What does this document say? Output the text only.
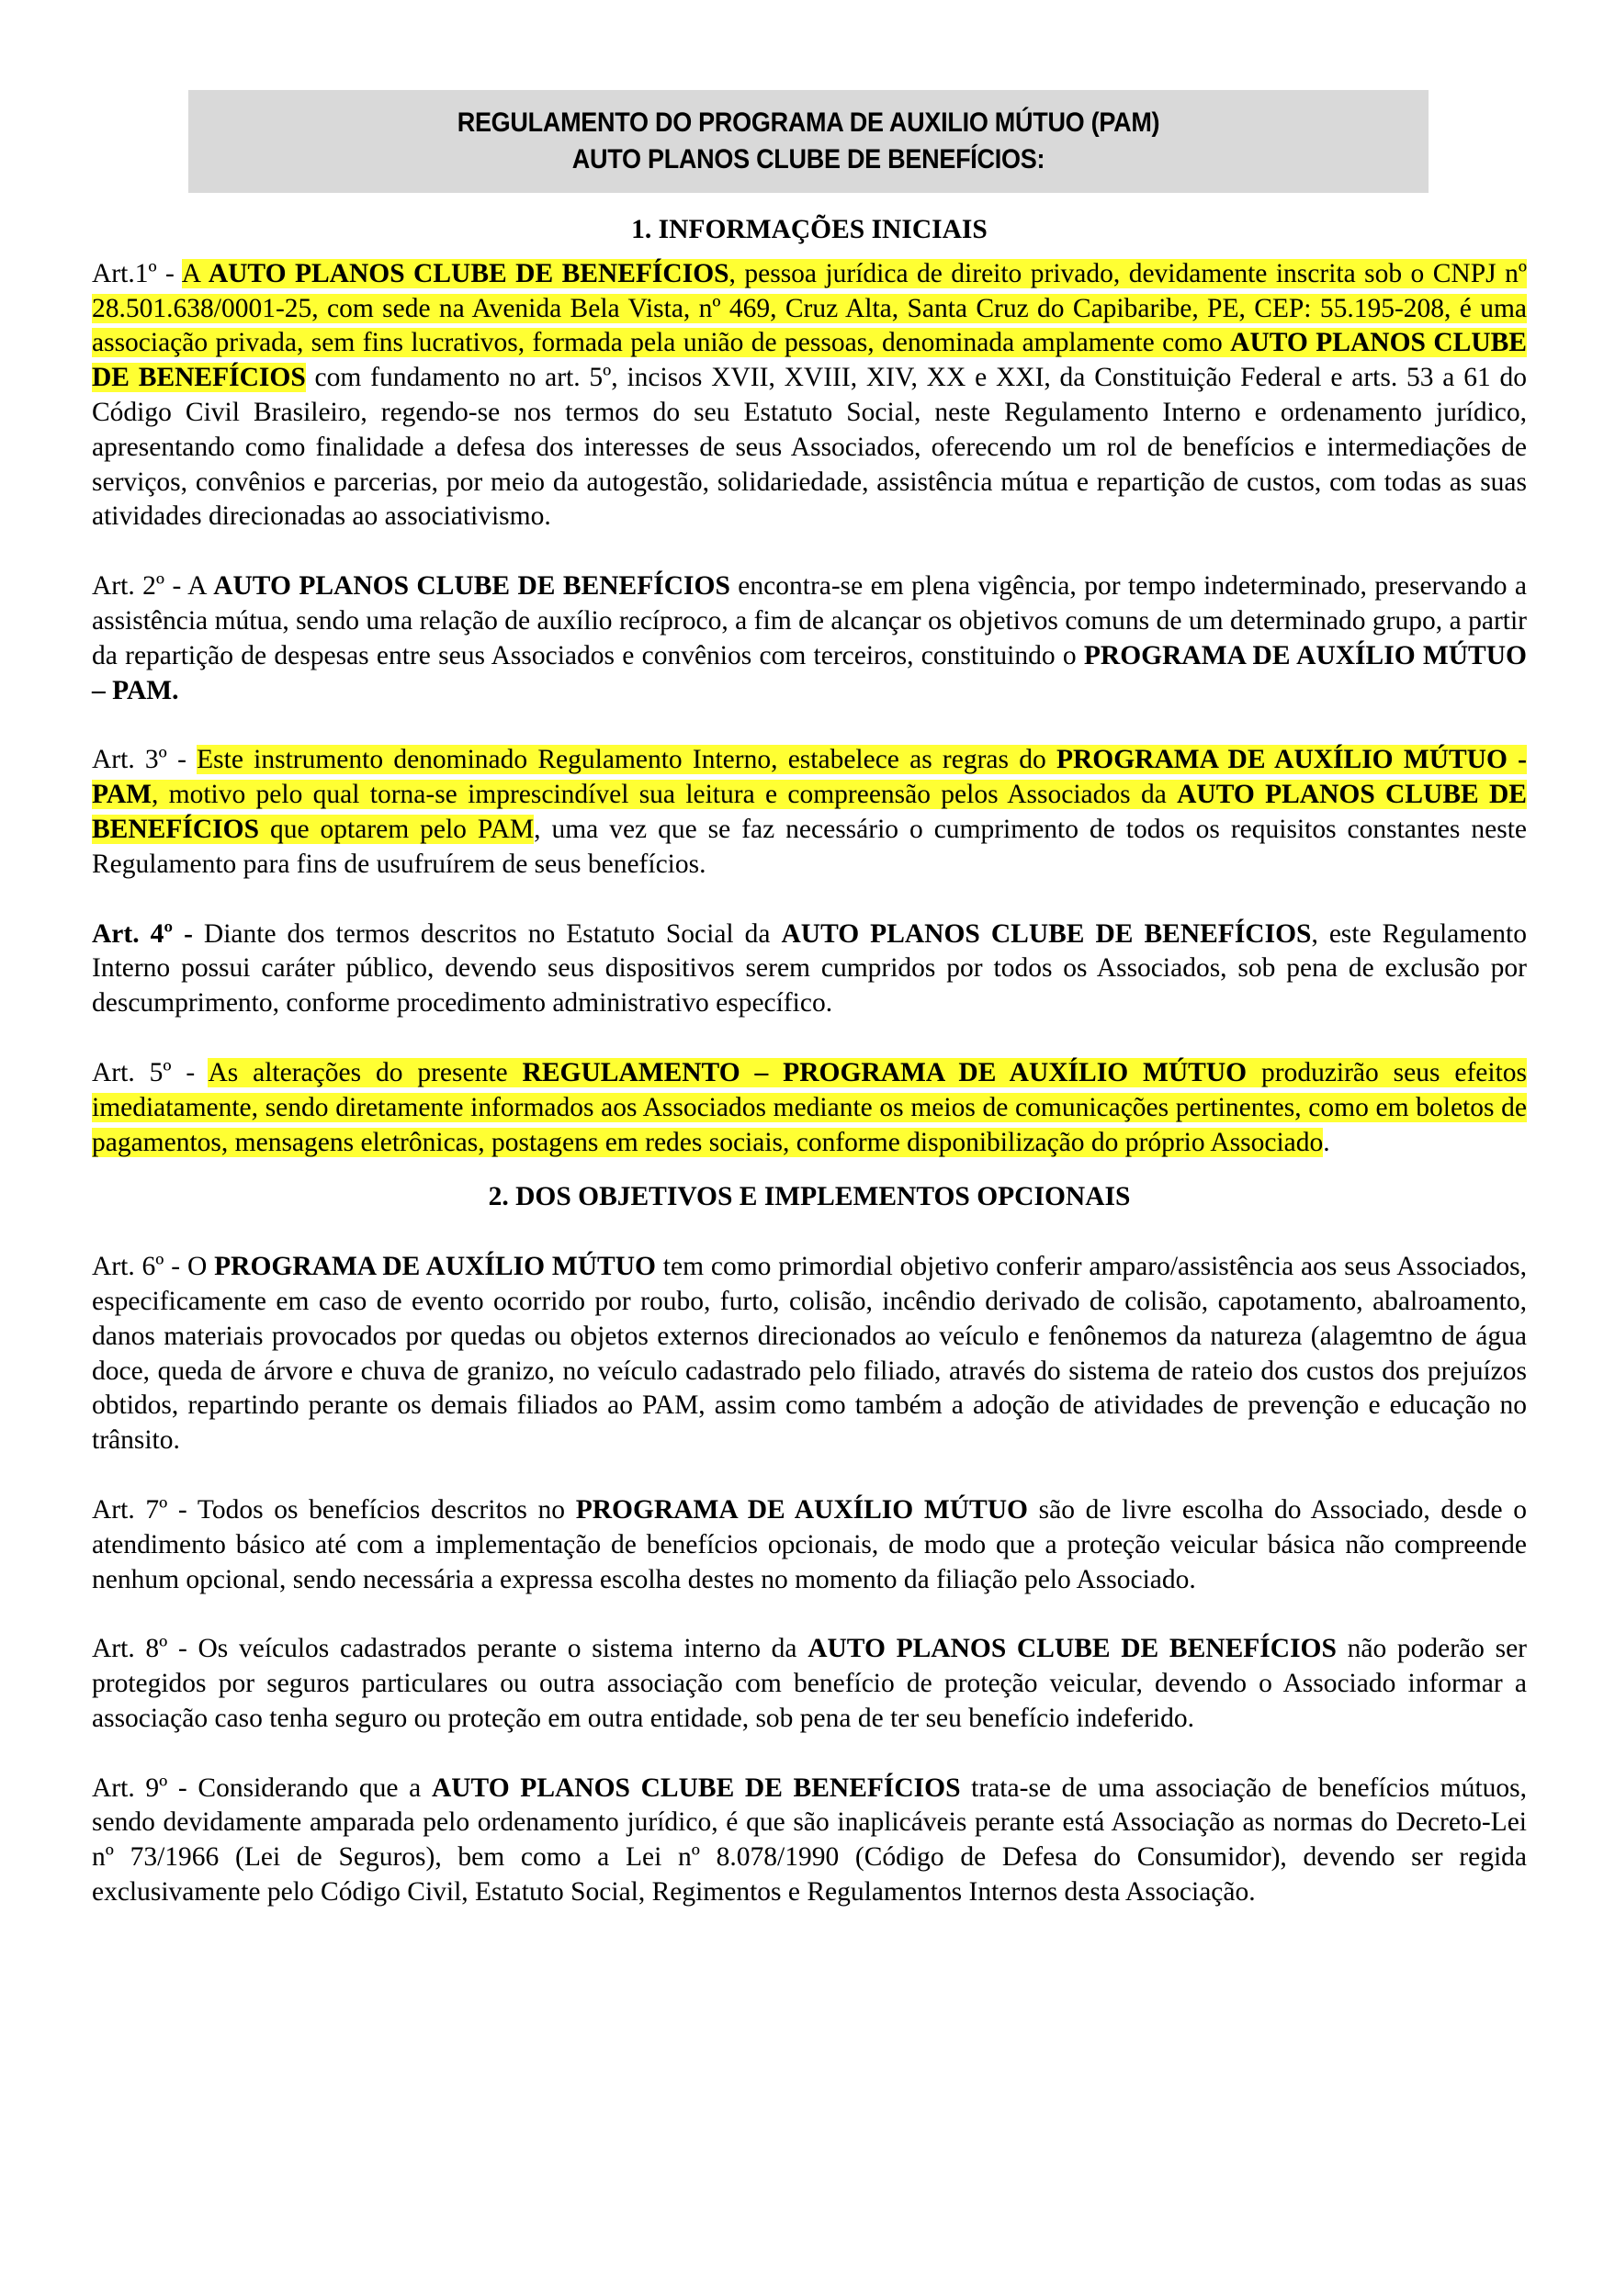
REGULAMENTO DO PROGRAMA DE AUXILIO MÚTUO (PAM)
AUTO PLANOS CLUBE DE BENEFÍCIOS:

1. INFORMAÇÕES INICIAIS

Art.1º - A AUTO PLANOS CLUBE DE BENEFÍCIOS, pessoa jurídica de direito privado, devidamente inscrita sob o CNPJ nº 28.501.638/0001-25, com sede na Avenida Bela Vista, nº 469, Cruz Alta, Santa Cruz do Capibaribe, PE, CEP: 55.195-208, é uma associação privada, sem fins lucrativos, formada pela união de pessoas, denominada amplamente como AUTO PLANOS CLUBE DE BENEFÍCIOS com fundamento no art. 5º, incisos XVII, XVIII, XIV, XX e XXI, da Constituição Federal e arts. 53 a 61 do Código Civil Brasileiro, regendo-se nos termos do seu Estatuto Social, neste Regulamento Interno e ordenamento jurídico, apresentando como finalidade a defesa dos interesses de seus Associados, oferecendo um rol de benefícios e intermediações de serviços, convênios e parcerias, por meio da autogestão, solidariedade, assistência mútua e repartição de custos, com todas as suas atividades direcionadas ao associativismo.

Art. 2º - A AUTO PLANOS CLUBE DE BENEFÍCIOS encontra-se em plena vigência, por tempo indeterminado, preservando a assistência mútua, sendo uma relação de auxílio recíproco, a fim de alcançar os objetivos comuns de um determinado grupo, a partir da repartição de despesas entre seus Associados e convênios com terceiros, constituindo o PROGRAMA DE AUXÍLIO MÚTUO – PAM.

Art. 3º - Este instrumento denominado Regulamento Interno, estabelece as regras do PROGRAMA DE AUXÍLIO MÚTUO - PAM, motivo pelo qual torna-se imprescindível sua leitura e compreensão pelos Associados da AUTO PLANOS CLUBE DE BENEFÍCIOS que optarem pelo PAM, uma vez que se faz necessário o cumprimento de todos os requisitos constantes neste Regulamento para fins de usufruírem de seus benefícios.

Art. 4º - Diante dos termos descritos no Estatuto Social da AUTO PLANOS CLUBE DE BENEFÍCIOS, este Regulamento Interno possui caráter público, devendo seus dispositivos serem cumpridos por todos os Associados, sob pena de exclusão por descumprimento, conforme procedimento administrativo específico.

Art. 5º - As alterações do presente REGULAMENTO – PROGRAMA DE AUXÍLIO MÚTUO produzirão seus efeitos imediatamente, sendo diretamente informados aos Associados mediante os meios de comunicações pertinentes, como em boletos de pagamentos, mensagens eletrônicas, postagens em redes sociais, conforme disponibilização do próprio Associado.

2. DOS OBJETIVOS E IMPLEMENTOS OPCIONAIS

Art. 6º - O PROGRAMA DE AUXÍLIO MÚTUO tem como primordial objetivo conferir amparo/assistência aos seus Associados, especificamente em caso de evento ocorrido por roubo, furto, colisão, incêndio derivado de colisão, capotamento, abalroamento, danos materiais provocados por quedas ou objetos externos direcionados ao veículo e fenônemos da natureza (alagemtno de água doce, queda de árvore e chuva de granizo, no veículo cadastrado pelo filiado, através do sistema de rateio dos custos dos prejuízos obtidos, repartindo perante os demais filiados ao PAM, assim como também a adoção de atividades de prevenção e educação no trânsito.

Art. 7º - Todos os benefícios descritos no PROGRAMA DE AUXÍLIO MÚTUO são de livre escolha do Associado, desde o atendimento básico até com a implementação de benefícios opcionais, de modo que a proteção veicular básica não compreende nenhum opcional, sendo necessária a expressa escolha destes no momento da filiação pelo Associado.

Art. 8º - Os veículos cadastrados perante o sistema interno da AUTO PLANOS CLUBE DE BENEFÍCIOS não poderão ser protegidos por seguros particulares ou outra associação com benefício de proteção veicular, devendo o Associado informar a associação caso tenha seguro ou proteção em outra entidade, sob pena de ter seu benefício indeferido.

Art. 9º - Considerando que a AUTO PLANOS CLUBE DE BENEFÍCIOS trata-se de uma associação de benefícios mútuos, sendo devidamente amparada pelo ordenamento jurídico, é que são inaplicáveis perante está Associação as normas do Decreto-Lei nº 73/1966 (Lei de Seguros), bem como a Lei nº 8.078/1990 (Código de Defesa do Consumidor), devendo ser regida exclusivamente pelo Código Civil, Estatuto Social, Regimentos e Regulamentos Internos desta Associação.
